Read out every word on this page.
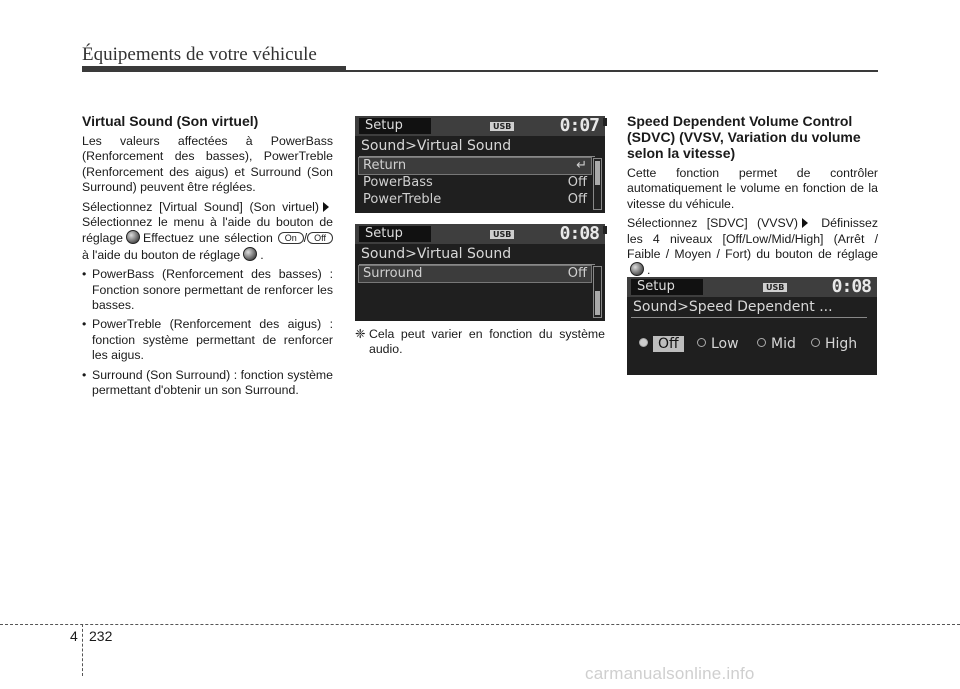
Équipements de votre véhicule
Virtual Sound (Son virtuel)

Les valeurs affectées à PowerBass (Renforcement des basses), PowerTreble (Renforcement des aigus) et Surround (Son Surround) peuvent être réglées.

Sélectionnez [Virtual Sound] (Son virtuel)Sélectionnez le menu à l'aide du bouton de réglage Effectuez une sélection On / Off à l'aide du bouton de réglage .

• PowerBass (Renforcement des basses) : Fonction sonore permettant de renforcer les basses.
• PowerTreble (Renforcement des aigus) : fonction système permettant de renforcer les aigus.
• Surround (Son Surround) : fonction système permettant d'obtenir un son Surround.
Setup	USB	0:07
Sound>Virtual Sound
Return	↵
PowerBass	Off
PowerTreble	Off
Setup	USB	0:08
Sound>Virtual Sound
Surround	Off
❈ Cela peut varier en fonction du système audio.
Speed Dependent Volume Control (SDVC) (VVSV, Variation du volume selon la vitesse)

Cette fonction permet de contrôler automatiquement le volume en fonction de la vitesse du véhicule.

Sélectionnez [SDVC] (VVSV) Définissez les 4 niveaux [Off/Low/Mid/High] (Arrêt / Faible / Moyen / Fort) du bouton de réglage.

Setup	USB	0:08
Sound>Speed Dependent ...
Off	Low	Mid	High
4 232
carmanualsonline.info
